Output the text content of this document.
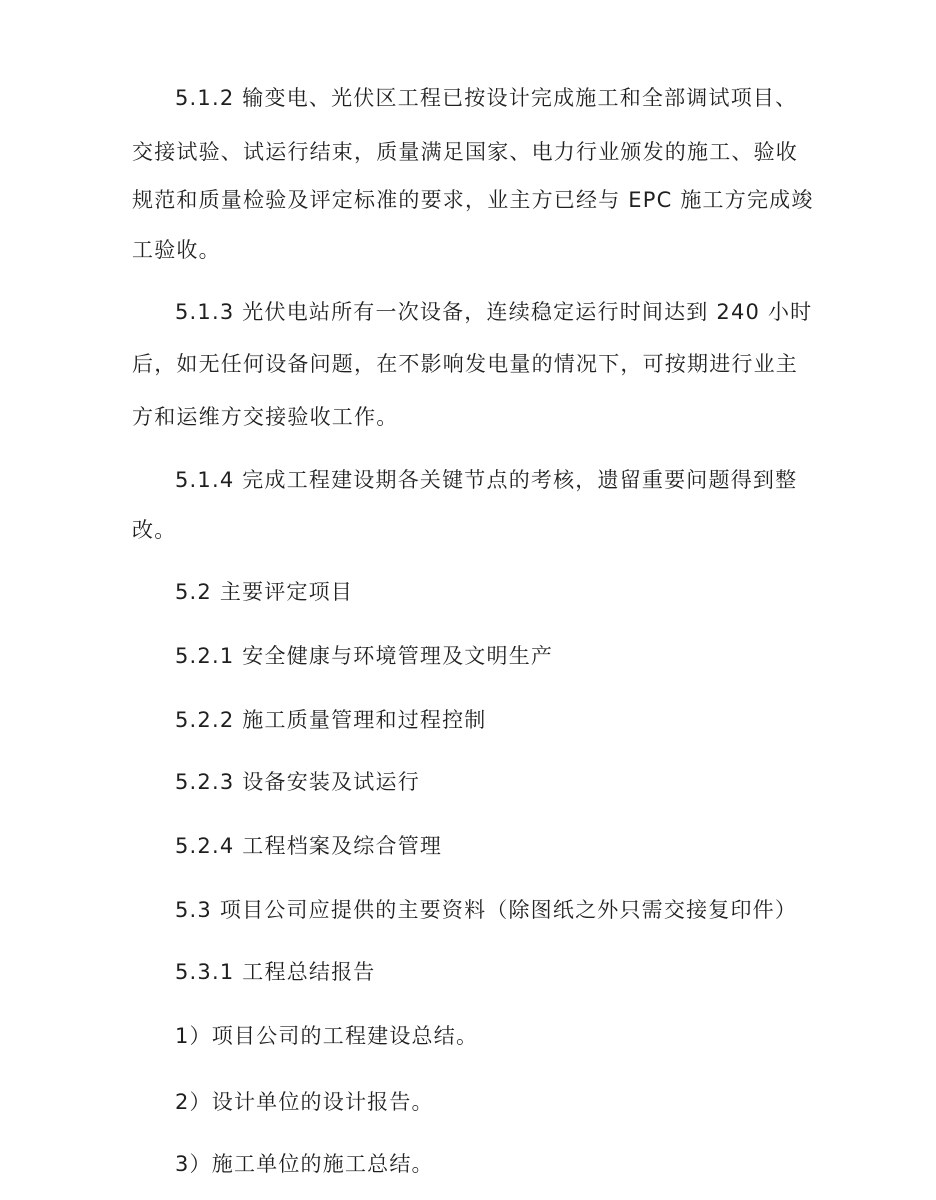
5.1.2 输变电、光伏区工程已按设计完成施工和全部调试项目、
交接试验、试运行结束，质量满足国家、电力行业颁发的施工、验收
规范和质量检验及评定标准的要求，业主方已经与 EPC 施工方完成竣
工验收。
5.1.3 光伏电站所有一次设备，连续稳定运行时间达到 240 小时
后，如无任何设备问题，在不影响发电量的情况下，可按期进行业主
方和运维方交接验收工作。
5.1.4 完成工程建设期各关键节点的考核，遗留重要问题得到整
改。
5.2 主要评定项目
5.2.1 安全健康与环境管理及文明生产
5.2.2 施工质量管理和过程控制
5.2.3 设备安装及试运行
5.2.4 工程档案及综合管理
5.3 项目公司应提供的主要资料（除图纸之外只需交接复印件）
5.3.1 工程总结报告
1）项目公司的工程建设总结。
2）设计单位的设计报告。
3）施工单位的施工总结。
